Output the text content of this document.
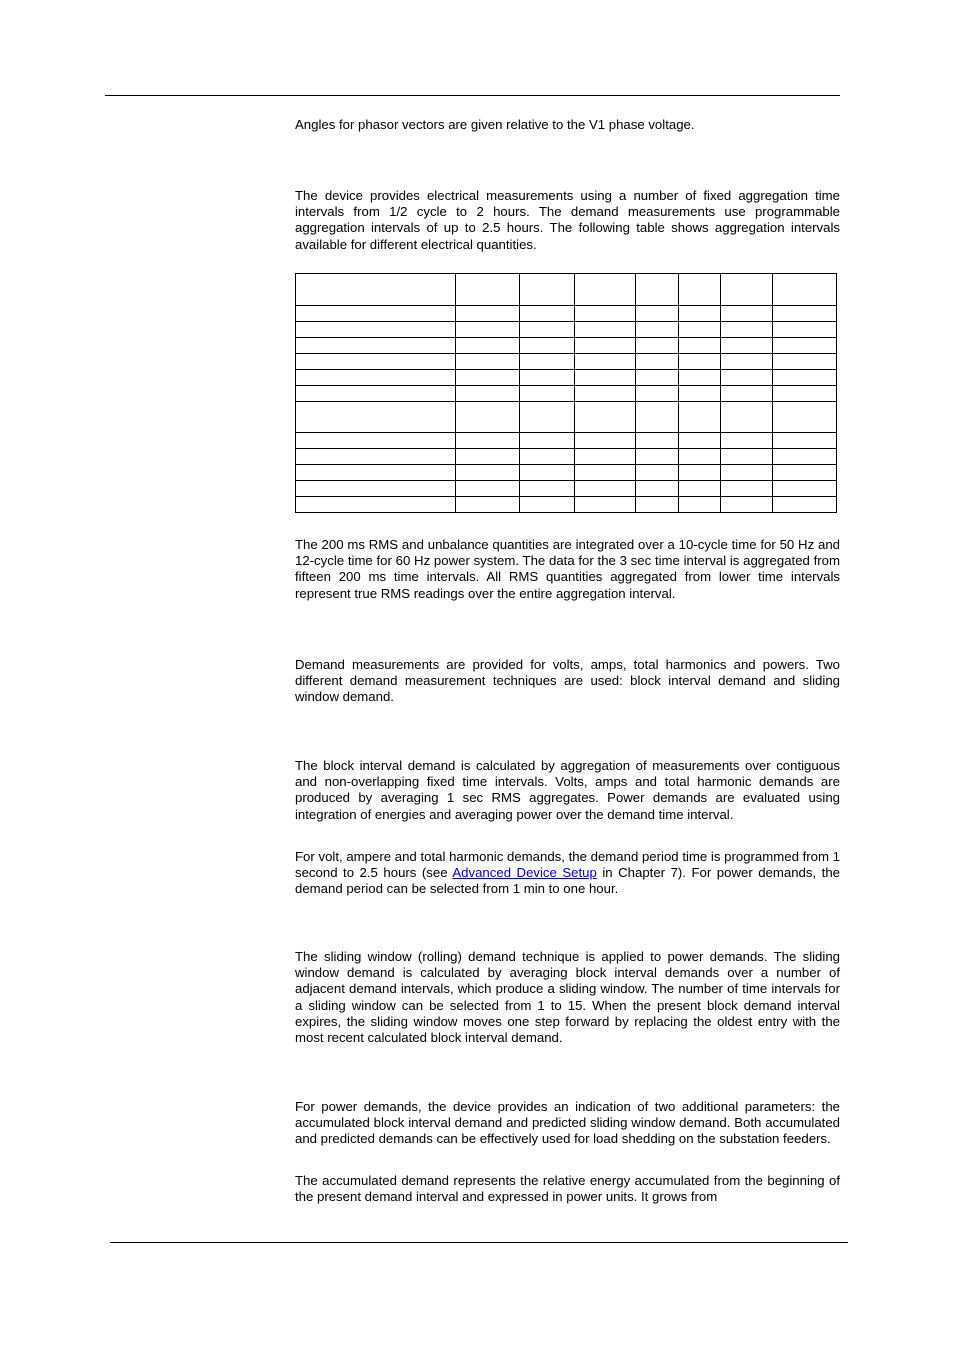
Angles for phasor vectors are given relative to the V1 phase voltage.

The device provides electrical measurements using a number of fixed aggregation time intervals from 1/2 cycle to 2 hours. The demand measurements use programmable aggregation intervals of up to 2.5 hours. The following table shows aggregation intervals available for different electrical quantities.

The 200 ms RMS and unbalance quantities are integrated over a 10-cycle time for 50 Hz and 12-cycle time for 60 Hz power system. The data for the 3 sec time interval is aggregated from fifteen 200 ms time intervals. All RMS quantities aggregated from lower time intervals represent true RMS readings over the entire aggregation interval.

Demand measurements are provided for volts, amps, total harmonics and powers. Two different demand measurement techniques are used: block interval demand and sliding window demand.

The block interval demand is calculated by aggregation of measurements over contiguous and non-overlapping fixed time intervals. Volts, amps and total harmonic demands are produced by averaging 1 sec RMS aggregates. Power demands are evaluated using integration of energies and averaging power over the demand time interval.

For volt, ampere and total harmonic demands, the demand period time is programmed from 1 second to 2.5 hours (see Advanced Device Setup in Chapter 7). For power demands, the demand period can be selected from 1 min to one hour.

The sliding window (rolling) demand technique is applied to power demands. The sliding window demand is calculated by averaging block interval demands over a number of adjacent demand intervals, which produce a sliding window. The number of time intervals for a sliding window can be selected from 1 to 15. When the present block demand interval expires, the sliding window moves one step forward by replacing the oldest entry with the most recent calculated block interval demand.

For power demands, the device provides an indication of two additional parameters: the accumulated block interval demand and predicted sliding window demand. Both accumulated and predicted demands can be effectively used for load shedding on the substation feeders.

The accumulated demand represents the relative energy accumulated from the beginning of the present demand interval and expressed in power units. It grows from
